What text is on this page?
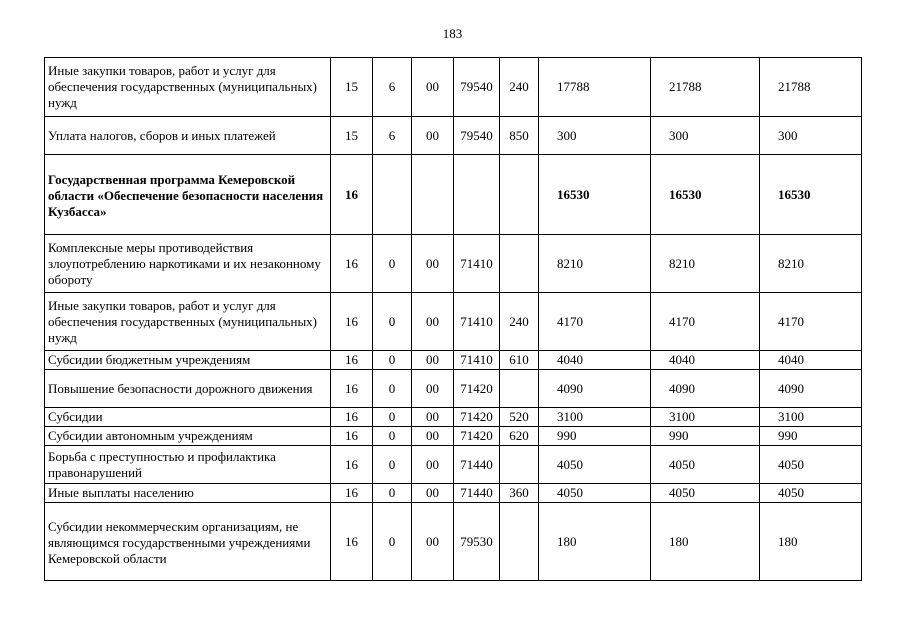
183
Иные закупки товаров, работ и услуг для обеспечения государственных (муниципальных) нужд	15	6	00	79540	240	17788	21788	21788
Уплата налогов, сборов и иных платежей	15	6	00	79540	850	300	300	300
Государственная программа Кемеровской области «Обеспечение безопасности населения Кузбасса»	16					16530	16530	16530
Комплексные меры противодействия злоупотреблению наркотиками и их незаконному обороту	16	0	00	71410		8210	8210	8210
Иные закупки товаров, работ и услуг для обеспечения государственных (муниципальных) нужд	16	0	00	71410	240	4170	4170	4170
Субсидии бюджетным учреждениям	16	0	00	71410	610	4040	4040	4040
Повышение безопасности дорожного движения	16	0	00	71420		4090	4090	4090
Субсидии	16	0	00	71420	520	3100	3100	3100
Субсидии автономным учреждениям	16	0	00	71420	620	990	990	990
Борьба с преступностью и профилактика правонарушений	16	0	00	71440		4050	4050	4050
Иные выплаты населению	16	0	00	71440	360	4050	4050	4050
Субсидии некоммерческим организациям, не являющимся государственными учреждениями Кемеровской области	16	0	00	79530		180	180	180
